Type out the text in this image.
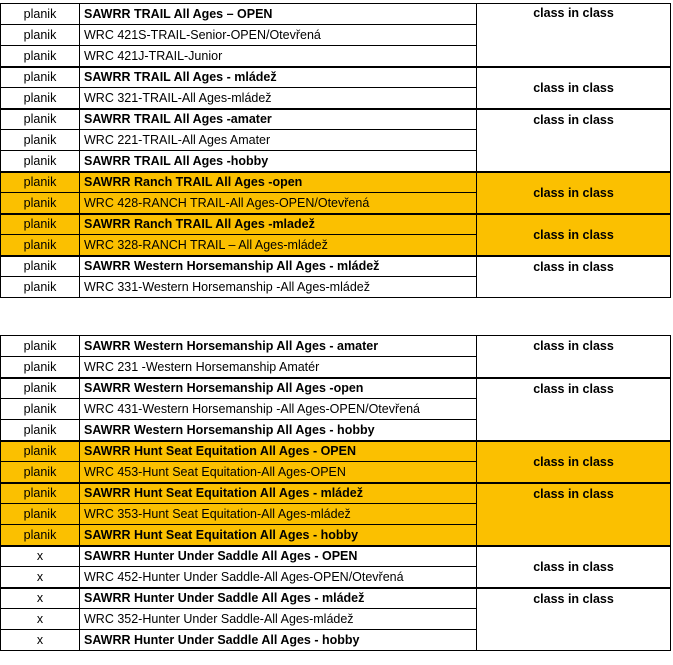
planik	SAWRR TRAIL All Ages – OPEN	class in class
planik	WRC 421S-TRAIL-Senior-OPEN/Otevřená	
planik	WRC 421J-TRAIL-Junior	
planik	SAWRR TRAIL All Ages - mládež	class in class
planik	WRC 321-TRAIL-All Ages-mládež	
planik	SAWRR TRAIL All Ages -amater	class in class
planik	WRC 221-TRAIL-All Ages Amater	
planik	SAWRR TRAIL All Ages -hobby	
planik	SAWRR Ranch TRAIL All Ages -open	class in class
planik	WRC 428-RANCH TRAIL-All Ages-OPEN/Otevřená	
planik	SAWRR Ranch TRAIL All Ages -mladež	class in class
planik	WRC 328-RANCH TRAIL – All Ages-mládež	
planik	SAWRR Western Horsemanship All Ages - mládež	class in class
planik	WRC 331-Western Horsemanship -All Ages-mládež	
planik	SAWRR Western Horsemanship All Ages - amater	class in class
planik	WRC 231 -Western Horsemanship Amatér	
planik	SAWRR Western Horsemanship All Ages -open	class in class
planik	WRC 431-Western Horsemanship -All Ages-OPEN/Otevřená	
planik	SAWRR Western Horsemanship All Ages - hobby	
planik	SAWRR Hunt Seat Equitation All Ages - OPEN	class in class
planik	WRC 453-Hunt Seat Equitation-All Ages-OPEN	
planik	SAWRR Hunt Seat Equitation All Ages - mládež	class in class
planik	WRC 353-Hunt Seat Equitation-All Ages-mládež	
planik	SAWRR Hunt Seat Equitation All Ages - hobby	
x	SAWRR Hunter Under Saddle All Ages - OPEN	class in class
x	WRC 452-Hunter Under Saddle-All Ages-OPEN/Otevřená	
x	SAWRR Hunter Under Saddle All Ages - mládež	class in class
x	WRC 352-Hunter Under Saddle-All Ages-mládež	
x	SAWRR Hunter Under Saddle All Ages - hobby	
